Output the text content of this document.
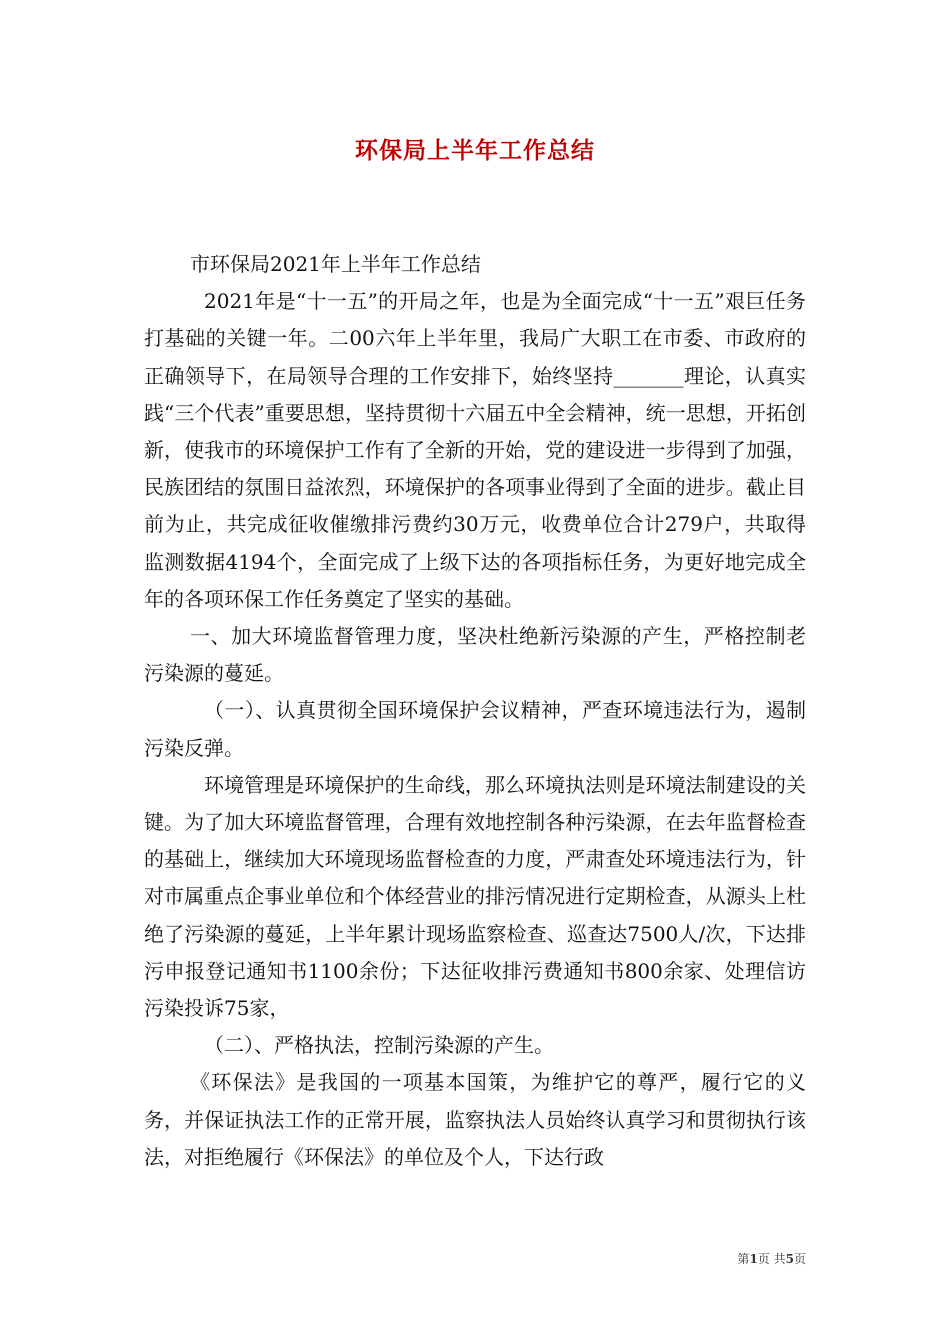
环保局上半年工作总结

市环保局2021年上半年工作总结

2021年是“十一五”的开局之年，也是为全面完成“十一五”艰巨任务打基础的关键一年。二00六年上半年里，我局广大职工在市委、市政府的正确领导下，在局领导合理的工作安排下，始终坚持_______理论，认真实践“三个代表”重要思想，坚持贯彻十六届五中全会精神，统一思想，开拓创新，使我市的环境保护工作有了全新的开始，党的建设进一步得到了加强，民族团结的氛围日益浓烈，环境保护的各项事业得到了全面的进步。截止目前为止，共完成征收催缴排污费约30万元，收费单位合计279户，共取得监测数据4194个，全面完成了上级下达的各项指标任务，为更好地完成全年的各项环保工作任务奠定了坚实的基础。

一、加大环境监督管理力度，坚决杜绝新污染源的产生，严格控制老污染源的蔓延。

（一）、认真贯彻全国环境保护会议精神，严查环境违法行为，遏制污染反弹。

环境管理是环境保护的生命线，那么环境执法则是环境法制建设的关键。为了加大环境监督管理，合理有效地控制各种污染源，在去年监督检查的基础上，继续加大环境现场监督检查的力度，严肃查处环境违法行为，针对市属重点企事业单位和个体经营业的排污情况进行定期检查，从源头上杜绝了污染源的蔓延，上半年累计现场监察检查、巡查达7500人/次，下达排污申报登记通知书1100余份；下达征收排污费通知书800余家、处理信访污染投诉75家，

（二）、严格执法，控制污染源的产生。

《环保法》是我国的一项基本国策，为维护它的尊严，履行它的义务，并保证执法工作的正常开展，监察执法人员始终认真学习和贯彻执行该法，对拒绝履行《环保法》的单位及个人，下达行政

第1页 共5页
